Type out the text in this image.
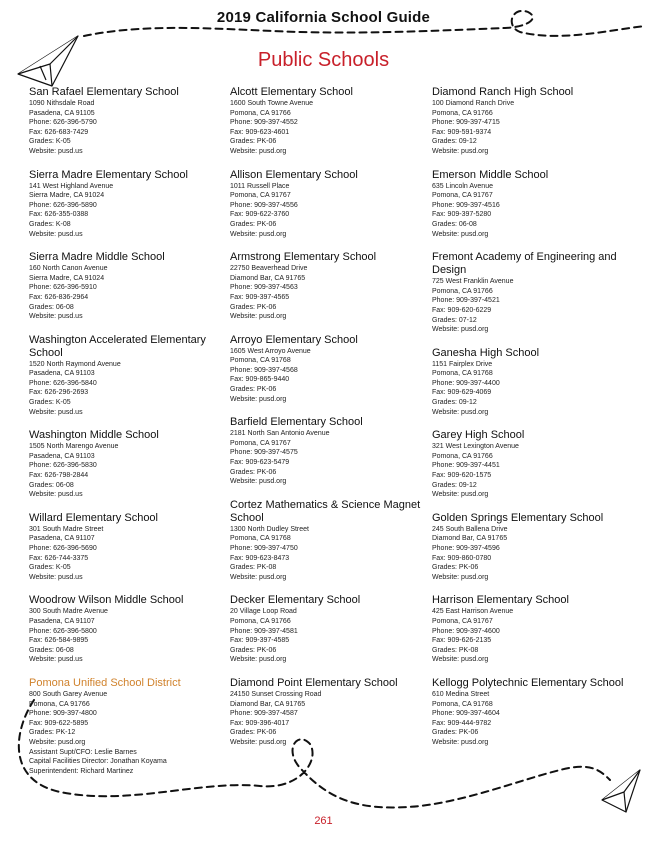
2019 California School Guide
Public Schools
San Rafael Elementary School
1090 Nithsdale Road
Pasadena, CA 91105
Phone: 626-396-5790
Fax: 626-683-7429
Grades: K-05
Website: pusd.us
Sierra Madre Elementary School
141 West Highland Avenue
Sierra Madre, CA 91024
Phone: 626-396-5890
Fax: 626-355-0388
Grades: K-08
Website: pusd.us
Sierra Madre Middle School
160 North Canon Avenue
Sierra Madre, CA 91024
Phone: 626-396-5910
Fax: 626-836-2964
Grades: 06-08
Website: pusd.us
Washington Accelerated Elementary School
1520 North Raymond Avenue
Pasadena, CA 91103
Phone: 626-396-5840
Fax: 626-296-2693
Grades: K-05
Website: pusd.us
Washington Middle School
1505 North Marengo Avenue
Pasadena, CA 91103
Phone: 626-396-5830
Fax: 626-798-2844
Grades: 06-08
Website: pusd.us
Willard Elementary School
301 South Madre Street
Pasadena, CA 91107
Phone: 626-396-5690
Fax: 626-744-3375
Grades: K-05
Website: pusd.us
Woodrow Wilson Middle School
300 South Madre Avenue
Pasadena, CA 91107
Phone: 626-396-5800
Fax: 626-584-9895
Grades: 06-08
Website: pusd.us
Pomona Unified School District
800 South Garey Avenue
Pomona, CA 91766
Phone: 909-397-4800
Fax: 909-622-5895
Grades: PK-12
Website: pusd.org
Assistant Supt/CFO: Leslie Barnes
Capital Facilities Director: Jonathan Koyama
Superintendent: Richard Martinez
Alcott Elementary School
1600 South Towne Avenue
Pomona, CA 91766
Phone: 909-397-4552
Fax: 909-623-4601
Grades: PK-06
Website: pusd.org
Allison Elementary School
1011 Russell Place
Pomona, CA 91767
Phone: 909-397-4556
Fax: 909-622-3760
Grades: PK-06
Website: pusd.org
Armstrong Elementary School
22750 Beaverhead Drive
Diamond Bar, CA 91765
Phone: 909-397-4563
Fax: 909-397-4565
Grades: PK-06
Website: pusd.org
Arroyo Elementary School
1605 West Arroyo Avenue
Pomona, CA 91768
Phone: 909-397-4568
Fax: 909-865-9440
Grades: PK-06
Website: pusd.org
Barfield Elementary School
2181 North San Antonio Avenue
Pomona, CA 91767
Phone: 909-397-4575
Fax: 909-623-5479
Grades: PK-06
Website: pusd.org
Cortez Mathematics & Science Magnet School
1300 North Dudley Street
Pomona, CA 91768
Phone: 909-397-4750
Fax: 909-623-8473
Grades: PK-08
Website: pusd.org
Decker Elementary School
20 Village Loop Road
Pomona, CA 91766
Phone: 909-397-4581
Fax: 909-397-4585
Grades: PK-06
Website: pusd.org
Diamond Point Elementary School
24150 Sunset Crossing Road
Diamond Bar, CA 91765
Phone: 909-397-4587
Fax: 909-396-4017
Grades: PK-06
Website: pusd.org
Diamond Ranch High School
100 Diamond Ranch Drive
Pomona, CA 91766
Phone: 909-397-4715
Fax: 909-591-9374
Grades: 09-12
Website: pusd.org
Emerson Middle School
635 Lincoln Avenue
Pomona, CA 91767
Phone: 909-397-4516
Fax: 909-397-5280
Grades: 06-08
Website: pusd.org
Fremont Academy of Engineering and Design
725 West Franklin Avenue
Pomona, CA 91766
Phone: 909-397-4521
Fax: 909-620-6229
Grades: 07-12
Website: pusd.org
Ganesha High School
1151 Fairplex Drive
Pomona, CA 91768
Phone: 909-397-4400
Fax: 909-629-4069
Grades: 09-12
Website: pusd.org
Garey High School
321 West Lexington Avenue
Pomona, CA 91766
Phone: 909-397-4451
Fax: 909-620-1575
Grades: 09-12
Website: pusd.org
Golden Springs Elementary School
245 South Ballena Drive
Diamond Bar, CA 91765
Phone: 909-397-4596
Fax: 909-860-0780
Grades: PK-06
Website: pusd.org
Harrison Elementary School
425 East Harrison Avenue
Pomona, CA 91767
Phone: 909-397-4600
Fax: 909-626-2135
Grades: PK-08
Website: pusd.org
Kellogg Polytechnic Elementary School
610 Medina Street
Pomona, CA 91768
Phone: 909-397-4604
Fax: 909-444-9782
Grades: PK-06
Website: pusd.org
261
